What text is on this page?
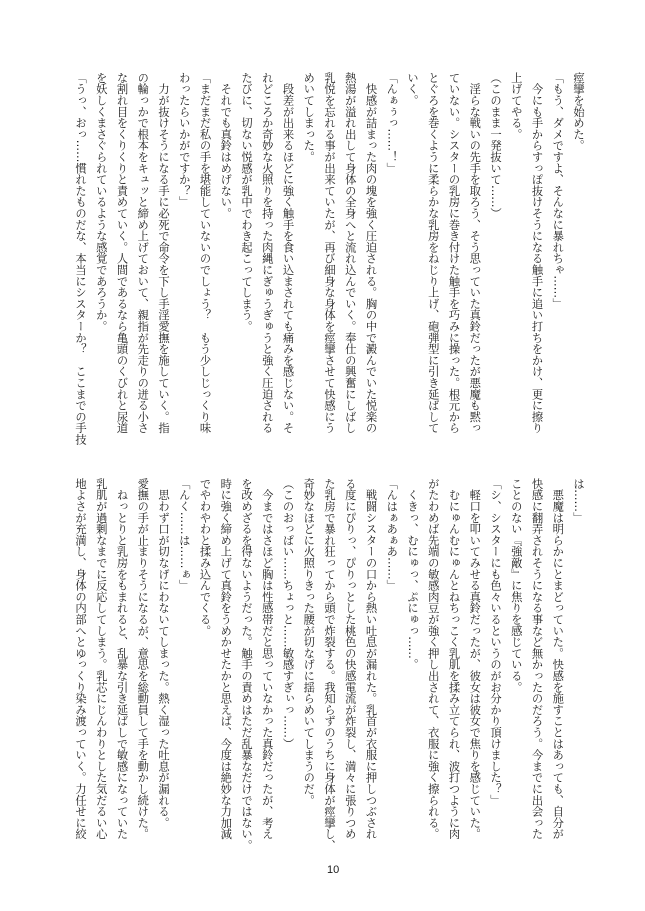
痙攣を始めた。
「もう、ダメですよ、そんなに暴れちゃ……」
　今にも手からすっぽ抜けそうになる触手に追い打ちをかけ、更に擦り
上げてやる。
（このまま一発抜いて……）
　淫らな戦いの先手を取ろう、そう思っていた真鈴だったが悪魔も黙っ
ていない。シスターの乳房に巻き付けた触手を巧みに操った。根元から
とぐろを巻くように柔らかな乳房をねじり上げ、砲弾型に引き延ばして
いく。
「んぁぅっ……！」
　快感が詰まった肉の塊を強く圧迫される。胸の中で澱んでいた悦楽の
熱湯が溢れ出して身体の全身へと流れ込んでいく。奉仕の興奮にしばし
乳悦を忘れる事が出来ていたが、再び細身な身体を痙攣させて快感にう
めいてしまった。
　段差が出来るほどに強く触手を食い込まされても痛みを感じない。そ
れどころか奇妙な火照りを持った肉縄にぎゅうぎゅうと強く圧迫される
たびに、切ない悦感が乳中でわき起こってしまう。
　それでも真鈴はめげない。
「まだまだ私の手を堪能していないのでしょう？　もう少しじっくり味
わったらいかがですか？」
　力が抜けそうになる手に必死で命令を下し手淫愛撫を施していく。指
の輪っかで根本をキュッと締め上げておいて、親指が先走りの迸る小さ
な割れ目をくりくりと責めていく。人間であるなら亀頭のくびれと尿道
を妖しくまさぐられているような感覚であろうか。
「うっ、おっ……慣れたものだな、本当にシスターか？　ここまでの手技
は……」
　悪魔は明らかにとまどっていた。快感を施すことはあっても、自分が
快感に翻弄されそうになる事など無かったのだろう。今までに出会った
ことのない『強敵』に焦りを感じている。
「シ、シスターにも色々いるというのがお分かり頂けました？」
　軽口を叩いてみせる真鈴だったが、彼女は彼女で焦りを感じていた。
　むにゅんむにゅんとねちっこく乳肌を揉み立てられ、波打つように肉
がたわめば先端の敏感肉豆が強く押し出されて、衣服に強く擦られる。
　くきっ、むにゅっ、ぷにゅっ……。
「んはぁあぁあ……」
　戦闘シスターの口から熱い吐息が漏れた。乳首が衣服に押しつぶされ
る度にぴりっ、ぴりっとした桃色の快感電流が炸裂し、満々に張りつめ
た乳房で暴れ狂ってから頭で炸裂する。我知らずのうちに身体が痙攣し、
奇妙なほどに火照りきった腰が切なげに揺らめいてしまうのだ。
（このおっぱい……ちょっと……敏感すぎぃっ……）
　今まではさほど胸は性感帯だと思っていなかった真鈴だったが、考え
を改めざるを得ないようだった。触手の責めはただ乱暴なだけではない。
時に強く締め上げて真鈴をうめかせたかと思えば、今度は絶妙な力加減
でやわやわと揉み込んでくる。
「んく……は……ぁ」
　思わず口が切なげにわないてしまった。熱く湿った吐息が漏れる。
愛撫の手が止まりそうになるが、意思を総動員して手を動かし続けた。
　ねっとりと乳房をもまれると、乱暴な引き延ばしで敏感になっていた
乳肌が過剰なまでに反応してしまう。乳芯にじんわりとした気だるい心
地よさが充満し、身体の内部へとゆっくり染み渡っていく。力任せに絞
10
